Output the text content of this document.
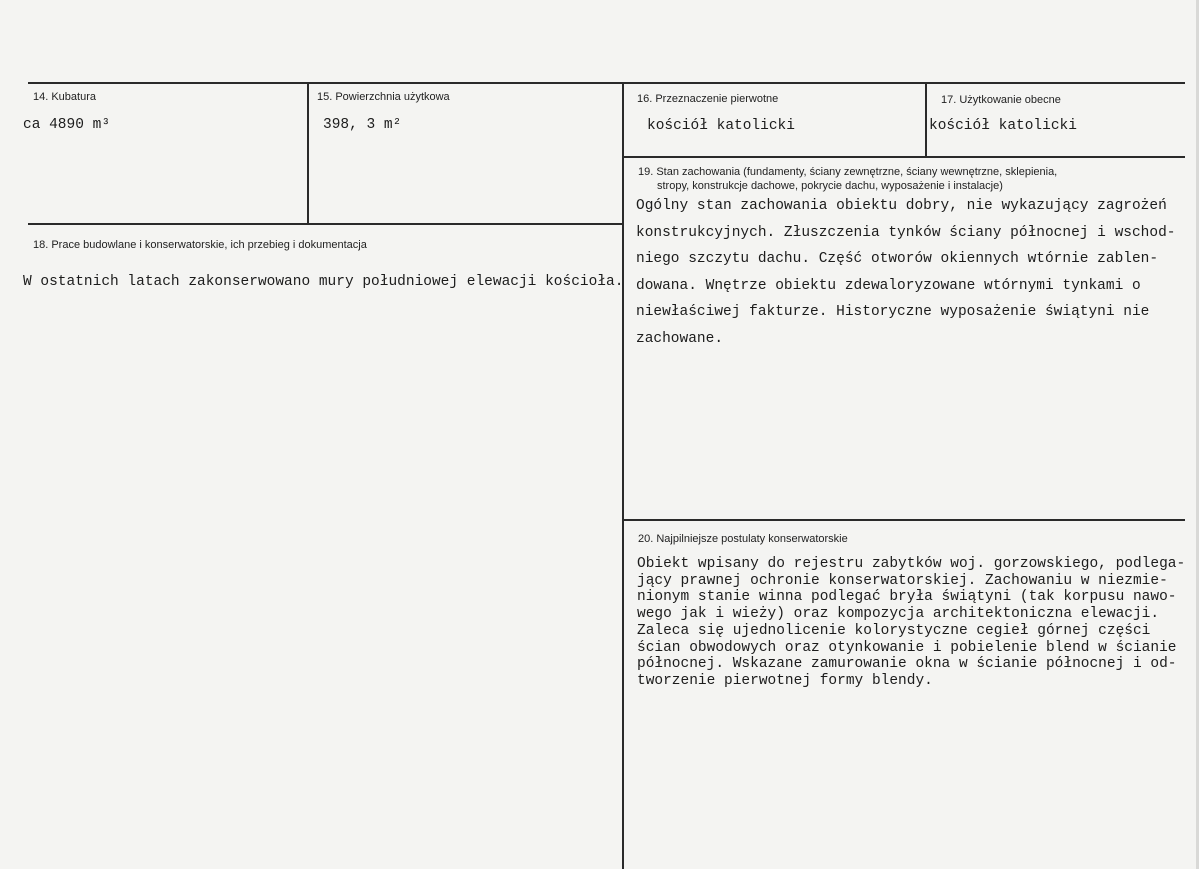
14. Kubatura
ca 4890 m³
15. Powierzchnia użytkowa
398, 3 m²
16. Przeznaczenie pierwotne
kościół katolicki
17. Użytkowanie obecne
kościół katolicki
18. Prace budowlane i konserwatorskie, ich przebieg i dokumentacja
W ostatnich latach zakonserwowano mury południowej elewacji kościoła.
19. Stan zachowania (fundamenty, ściany zewnętrzne, ściany wewnętrzne, sklepienia,
stropy, konstrukcje dachowe, pokrycie dachu, wyposażenie i instalacje)
Ogólny stan zachowania obiektu dobry, nie wykazujący zagrożeń
konstrukcyjnych. Złuszczenia tynków ściany północnej i wschod-
niego szczytu dachu. Część otworów okiennych wtórnie zablen-
dowana. Wnętrze obiektu zdewaloryzowane wtórnymi tynkami o
niewłaściwej fakturze. Historyczne wyposażenie świątyni nie
zachowane.
20. Najpilniejsze postulaty konserwatorskie
Obiekt wpisany do rejestru zabytków woj. gorzowskiego, podlega-
jący prawnej ochronie konserwatorskiej. Zachowaniu w niezmie-
nionym stanie winna podlegać bryła świątyni (tak korpusu nawo-
wego jak i wieży) oraz kompozycja architektoniczna elewacji.
Zaleca się ujednolicenie kolorystyczne cegieł górnej części
ścian obwodowych oraz otynkowanie i pobielenie blend w ścianie
północnej. Wskazane zamurowanie okna w ścianie północnej i od-
tworzenie pierwotnej formy blendy.
